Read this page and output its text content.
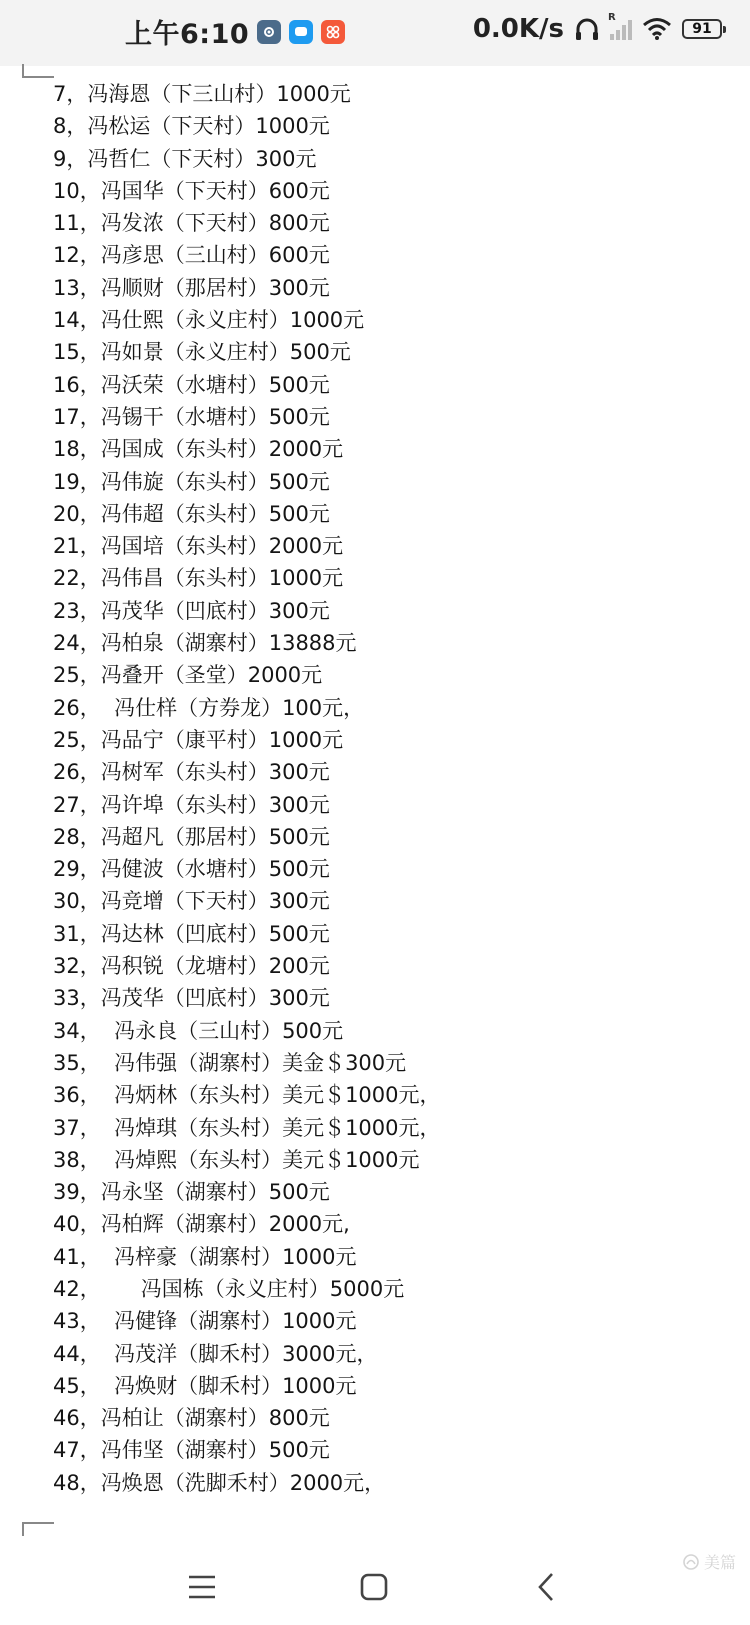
上午6:10	0.0K/s	R
91
7，冯海恩（下三山村）1000元
8，冯松运（下天村）1000元
9，冯哲仁（下天村）300元
10，冯国华（下天村）600元
11，冯发浓（下天村）800元
12，冯彦思（三山村）600元
13，冯顺财（那居村）300元
14，冯仕熙（永义庄村）1000元
15，冯如景（永义庄村）500元
16，冯沃荣（水塘村）500元
17，冯锡干（水塘村）500元
18，冯国成（东头村）2000元
19，冯伟旋（东头村）500元
20，冯伟超（东头村）500元
21，冯国培（东头村）2000元
22，冯伟昌（东头村）1000元
23，冯茂华（凹底村）300元
24，冯柏泉（湖寨村）13888元
25，冯叠开（圣堂）2000元
26，  冯仕样（方券龙）100元，
25，冯品宁（康平村）1000元
26，冯树军（东头村）300元
27，冯许埠（东头村）300元
28，冯超凡（那居村）500元
29，冯健波（水塘村）500元
30，冯竞增（下天村）300元
31，冯达林（凹底村）500元
32，冯积锐（龙塘村）200元
33，冯茂华（凹底村）300元
34，  冯永良（三山村）500元
35，  冯伟强（湖寨村）美金＄300元
36，  冯炳林（东头村）美元＄1000元，
37，  冯焯琪（东头村）美元＄1000元，
38，  冯焯熙（东头村）美元＄1000元
39，冯永坚（湖寨村）500元
40，冯柏辉（湖寨村）2000元,
41，  冯梓豪（湖寨村）1000元
42，      冯国栋（永义庄村）5000元
43，  冯健锋（湖寨村）1000元
44，  冯茂洋（脚禾村）3000元，
45，  冯焕财（脚禾村）1000元
46，冯柏让（湖寨村）800元
47，冯伟坚（湖寨村）500元
48，冯焕恩（洗脚禾村）2000元，
美篇
